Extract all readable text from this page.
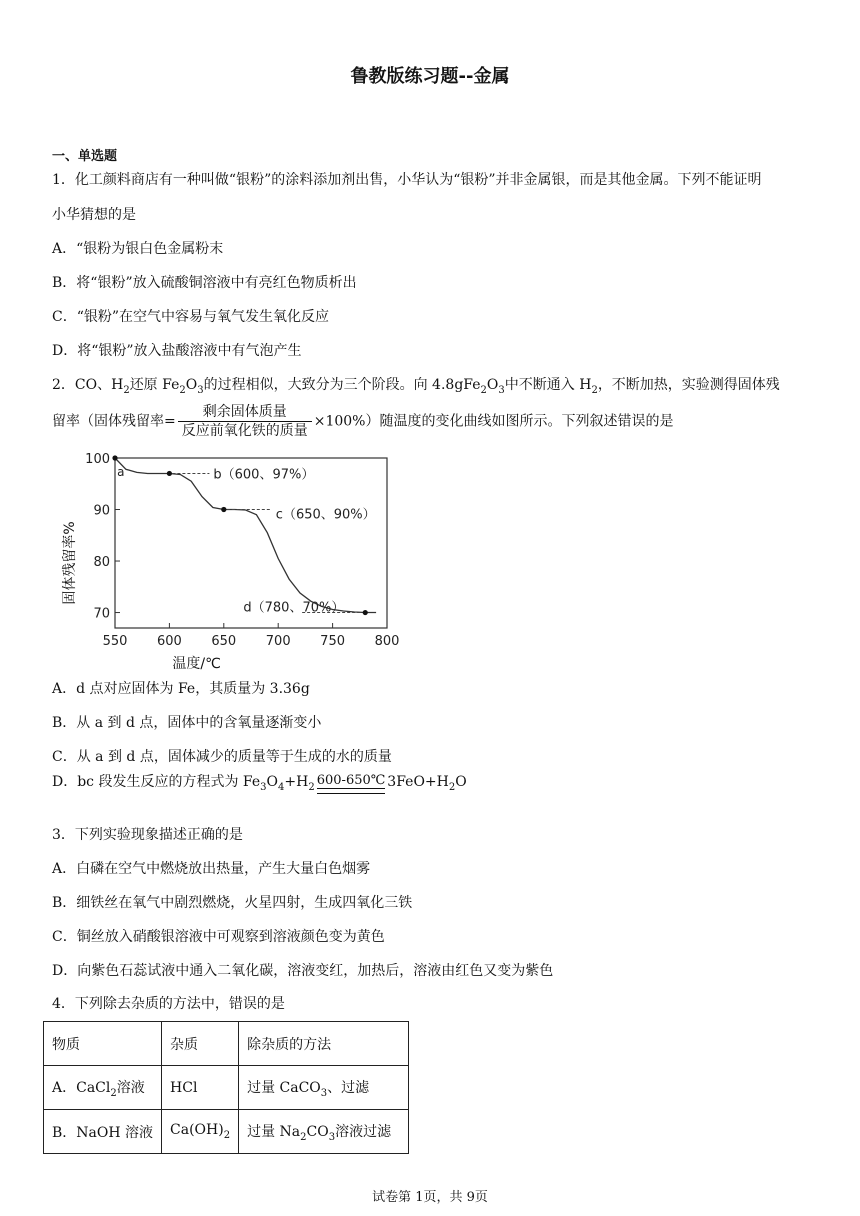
鲁教版练习题--金属
一、单选题
1．化工颜料商店有一种叫做“银粉”的涂料添加剂出售，小华认为“银粉”并非金属银，而是其他金属。下列不能证明
小华猜想的是
A．“银粉为银白色金属粉末
B．将“银粉”放入硫酸铜溶液中有亮红色物质析出
C．“银粉”在空气中容易与氧气发生氧化反应
D．将“银粉”放入盐酸溶液中有气泡产生
2．CO、$H_2$还原 $Fe_2O_3$的过程相似，大致分为三个阶段。向 $4.8gFe_2O_3$中不断通入 $H_2$，不断加热，实验测得固体残
留率（固体残留率= $\frac{\text{剩余固体质量}}{\text{反应前氧化铁的质量}} \times 100\%$）随温度的变化曲线如图所示。下列叙述错误的是
550 600 650 700 750 800
70
80
90
100
温度/℃
固体残留率%
a	b（600、97%）
c（650、90%）
d（780、70%）
A．d 点对应固体为 Fe，其质量为 3.36g
B．从 a 到 d 点，固体中的含氧量逐渐变小
C．从 a 到 d 点，固体减少的质量等于生成的水的质量
D．bc 段发生反应的方程式为 $Fe_3O_4+H_2$ 600-650℃ $3FeO+H_2O$
3．下列实验现象描述正确的是
A．白磷在空气中燃烧放出热量，产生大量白色烟雾
B．细铁丝在氧气中剧烈燃烧，火星四射，生成四氧化三铁
C．铜丝放入硝酸银溶液中可观察到溶液颜色变为黄色
D．向紫色石蕊试液中通入二氧化碳，溶液变红，加热后，溶液由红色又变为紫色
4．下列除去杂质的方法中，错误的是
物质	杂质	除杂质的方法
A．CaCl$_2$溶液	HCl	过量 CaCO$_3$、过滤
B．NaOH 溶液	$Ca(OH)_2$	过量 $Na_2CO_3$溶液过滤
试卷第 1页，共 9页
